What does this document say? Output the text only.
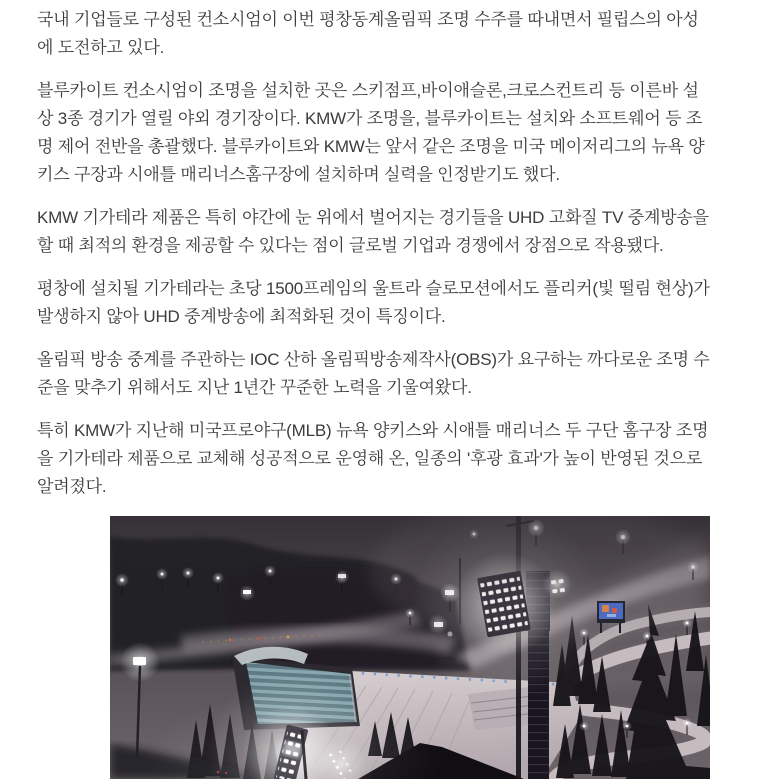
국내 기업들로 구성된 컨소시엄이 이번 평창동계올림픽 조명 수주를 따내면서 필립스의 아성에 도전하고 있다.

블루카이트 컨소시엄이 조명을 설치한 곳은 스키점프,바이애슬론,크로스컨트리 등 이른바 설상 3종 경기가 열릴 야외 경기장이다. KMW가 조명을, 블루카이트는 설치와 소프트웨어 등 조명 제어 전반을 총괄했다. 블루카이트와 KMW는 앞서 같은 조명을 미국 메이저리그의 뉴욕 양키스 구장과 시애틀 매리너스홈구장에 설치하며 실력을 인정받기도 했다.

KMW 기가테라 제품은 특히 야간에 눈 위에서 벌어지는 경기들을 UHD 고화질 TV 중계방송을 할 때 최적의 환경을 제공할 수 있다는 점이 글로벌 기업과 경쟁에서 장점으로 작용됐다.

평창에 설치될 기가테라는 초당 1500프레임의 울트라 슬로모션에서도 플리커(빛 떨림 현상)가 발생하지 않아 UHD 중계방송에 최적화된 것이 특징이다.

올림픽 방송 중계를 주관하는 IOC 산하 올림픽방송제작사(OBS)가 요구하는 까다로운 조명 수준을 맞추기 위해서도 지난 1년간 꾸준한 노력을 기울여왔다.

특히 KMW가 지난해 미국프로야구(MLB) 뉴욕 양키스와 시애틀 매리너스 두 구단 홈구장 조명을 기가테라 제품으로 교체해 성공적으로 운영해 온, 일종의 '후광 효과'가 높이 반영된 것으로 알려졌다.
